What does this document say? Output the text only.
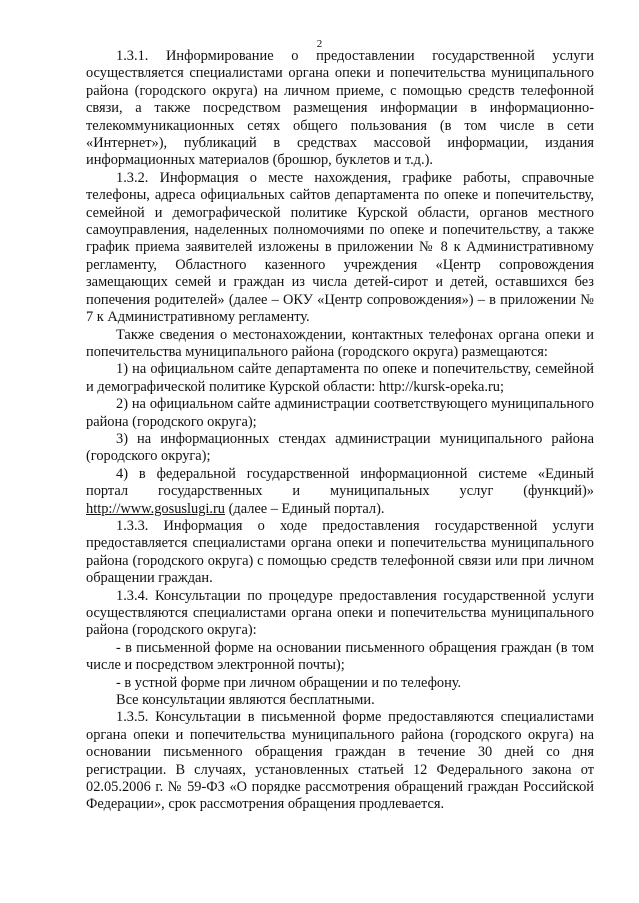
2

1.3.1. Информирование о предоставлении государственной услуги осуществляется специалистами органа опеки и попечительства муниципального района (городского округа) на личном приеме, с помощью средств телефонной связи, а также посредством размещения информации в информационно-телекоммуникационных сетях общего пользования (в том числе в сети «Интернет»), публикаций в средствах массовой информации, издания информационных материалов (брошюр, буклетов и т.д.).

1.3.2. Информация о месте нахождения, графике работы, справочные телефоны, адреса официальных сайтов департамента по опеке и попечительству, семейной и демографической политике Курской области, органов местного самоуправления, наделенных полномочиями по опеке и попечительству, а также график приема заявителей изложены в приложении № 8 к Административному регламенту, Областного казенного учреждения «Центр сопровождения замещающих семей и граждан из числа детей-сирот и детей, оставшихся без попечения родителей» (далее – ОКУ «Центр сопровождения») – в приложении № 7 к Административному регламенту.

Также сведения о местонахождении, контактных телефонах органа опеки и попечительства муниципального района (городского округа) размещаются:

1) на официальном сайте департамента по опеке и попечительству, семейной и демографической политике Курской области: http://kursk-opeka.ru;

2) на официальном сайте администрации соответствующего муниципального района (городского округа);

3) на информационных стендах администрации муниципального района (городского округа);

4) в федеральной государственной информационной системе «Единый портал государственных и муниципальных услуг (функций)» http://www.gosuslugi.ru (далее – Единый портал).

1.3.3. Информация о ходе предоставления государственной услуги предоставляется специалистами органа опеки и попечительства муниципального района (городского округа) с помощью средств телефонной связи или при личном обращении граждан.

1.3.4. Консультации по процедуре предоставления государственной услуги осуществляются специалистами органа опеки и попечительства муниципального района (городского округа):

- в письменной форме на основании письменного обращения граждан (в том числе и посредством электронной почты);

- в устной форме при личном обращении и по телефону.

Все консультации являются бесплатными.

1.3.5. Консультации в письменной форме предоставляются специалистами органа опеки и попечительства муниципального района (городского округа) на основании письменного обращения граждан в течение 30 дней со дня регистрации. В случаях, установленных статьей 12 Федерального закона от 02.05.2006 г. № 59-ФЗ «О порядке рассмотрения обращений граждан Российской Федерации», срок рассмотрения обращения продлевается.
